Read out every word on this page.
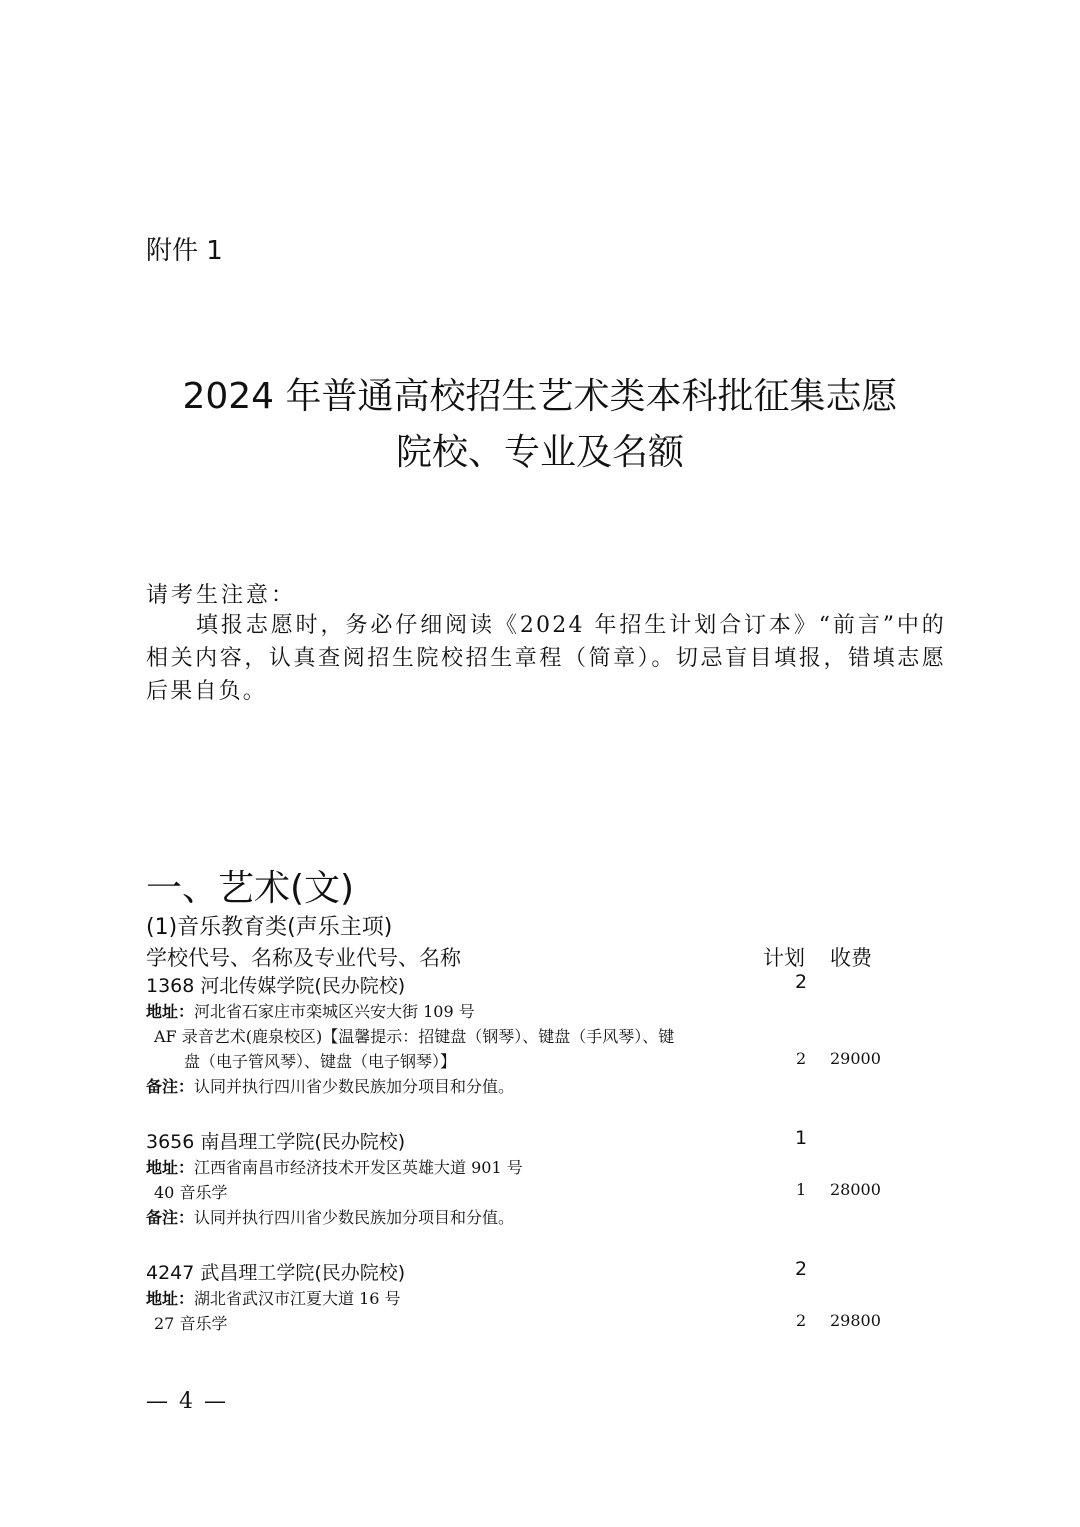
附件 1
2024 年普通高校招生艺术类本科批征集志愿
院校、专业及名额
请考生注意：
填报志愿时，务必仔细阅读《2024 年招生计划合订本》“前言”中的相关内容，认真查阅招生院校招生章程（简章）。切忌盲目填报，错填志愿后果自负。
一、艺术(文)
(1)音乐教育类(声乐主项)
学校代号、名称及专业代号、名称	计划 收费
1368 河北传媒学院(民办院校)	2
地址：河北省石家庄市栾城区兴安大街 109 号
AF 录音艺术(鹿泉校区)【温馨提示：招键盘（钢琴）、键盘（手风琴）、键
盘（电子管风琴）、键盘（电子钢琴）】	2 29000
备注：认同并执行四川省少数民族加分项目和分值。
3656 南昌理工学院(民办院校)	1
地址：江西省南昌市经济技术开发区英雄大道 901 号
40 音乐学	1 28000
备注：认同并执行四川省少数民族加分项目和分值。
4247 武昌理工学院(民办院校)	2
地址：湖北省武汉市江夏大道 16 号
27 音乐学	2 29800
— 4 —
